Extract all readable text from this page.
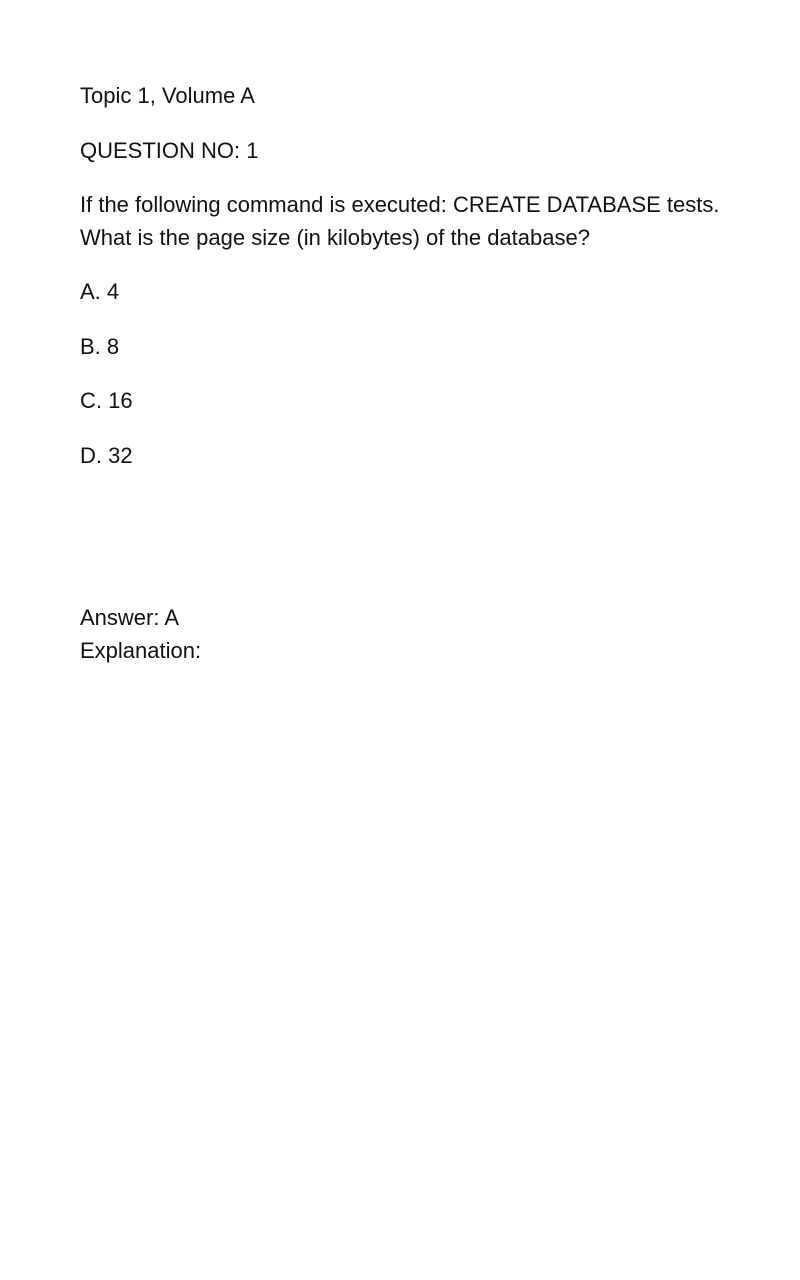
Topic 1, Volume A
QUESTION NO: 1
If the following command is executed: CREATE DATABASE tests. What is the page size (in kilobytes) of the database?
A. 4
B. 8
C. 16
D. 32
Answer: A
Explanation:
